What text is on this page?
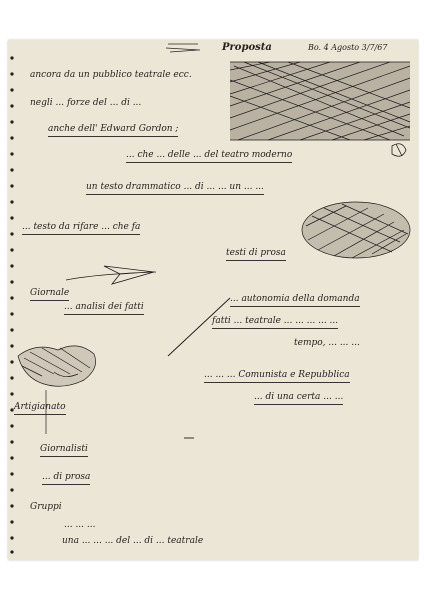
Proposta	Bo. 4 Agosto 3/7/67
ancora da un pubblico teatrale ecc.
negli ... forze del ... di ...
anche dell' Edward Gordon ;
... che ... delle ... del teatro moderno
un testo drammatico ... di ... ... un ... ...
... testo da rifare ... che fa
testi di prosa
Giornale
... analisi dei fatti
... autonomia della domanda
fatti ... teatrale ... ... ... ... ...
tempo, ... ... ...
... ... ... Comunista e Repubblica
... di una certa ... ...
Artigianato
Giornalisti
... di prosa
Gruppi
... ... ...
una ... ... ... del ... di ... teatrale
